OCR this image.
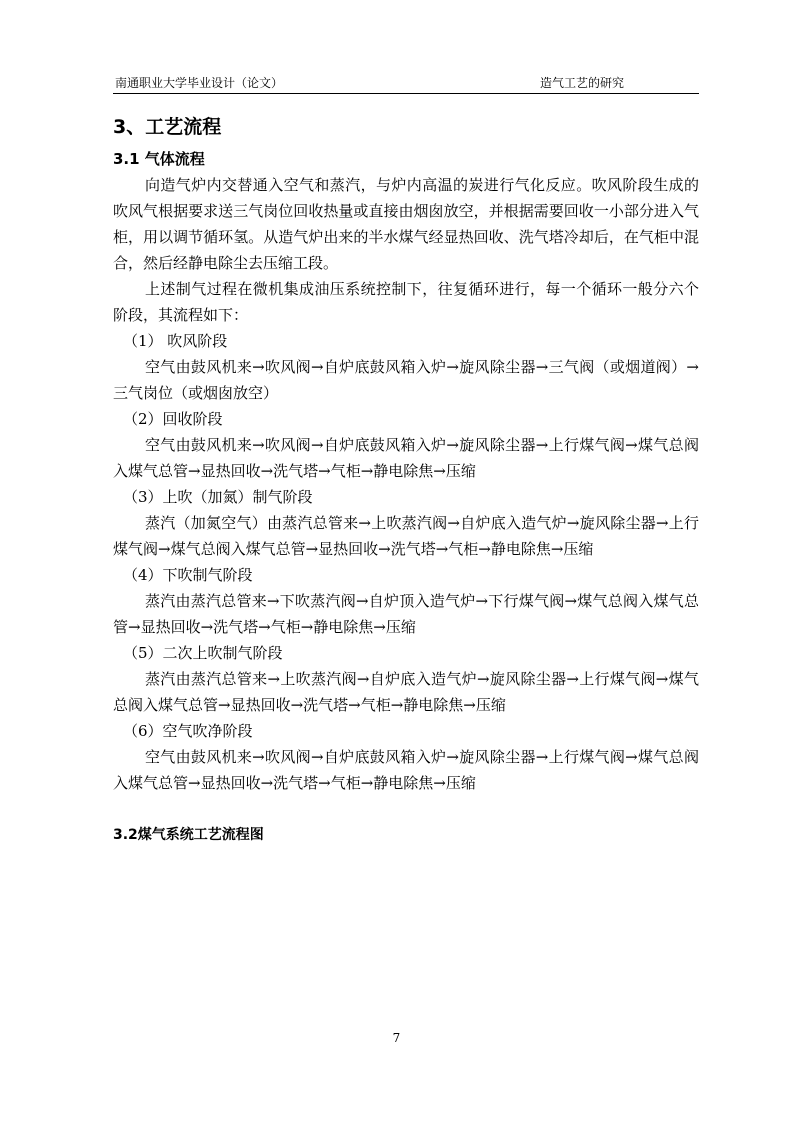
南通职业大学毕业设计（论文）	造气工艺的研究
3、工艺流程
3.1 气体流程

向造气炉内交替通入空气和蒸汽，与炉内高温的炭进行气化反应。吹风阶段生成的吹风气根据要求送三气岗位回收热量或直接由烟囱放空，并根据需要回收一小部分进入气柜，用以调节循环氢。从造气炉出来的半水煤气经显热回收、洗气塔冷却后，在气柜中混合，然后经静电除尘去压缩工段。

上述制气过程在微机集成油压系统控制下，往复循环进行，每一个循环一般分六个阶段，其流程如下：

（1） 吹风阶段

空气由鼓风机来→吹风阀→自炉底鼓风箱入炉→旋风除尘器→三气阀（或烟道阀）→三气岗位（或烟囱放空）

（2）回收阶段

空气由鼓风机来→吹风阀→自炉底鼓风箱入炉→旋风除尘器→上行煤气阀→煤气总阀入煤气总管→显热回收→洗气塔→气柜→静电除焦→压缩

（3）上吹（加氮）制气阶段

蒸汽（加氮空气）由蒸汽总管来→上吹蒸汽阀→自炉底入造气炉→旋风除尘器→上行煤气阀→煤气总阀入煤气总管→显热回收→洗气塔→气柜→静电除焦→压缩

（4）下吹制气阶段

蒸汽由蒸汽总管来→下吹蒸汽阀→自炉顶入造气炉→下行煤气阀→煤气总阀入煤气总管→显热回收→洗气塔→气柜→静电除焦→压缩

（5）二次上吹制气阶段

蒸汽由蒸汽总管来→上吹蒸汽阀→自炉底入造气炉→旋风除尘器→上行煤气阀→煤气总阀入煤气总管→显热回收→洗气塔→气柜→静电除焦→压缩

（6）空气吹净阶段

空气由鼓风机来→吹风阀→自炉底鼓风箱入炉→旋风除尘器→上行煤气阀→煤气总阀入煤气总管→显热回收→洗气塔→气柜→静电除焦→压缩

3.2煤气系统工艺流程图
7
